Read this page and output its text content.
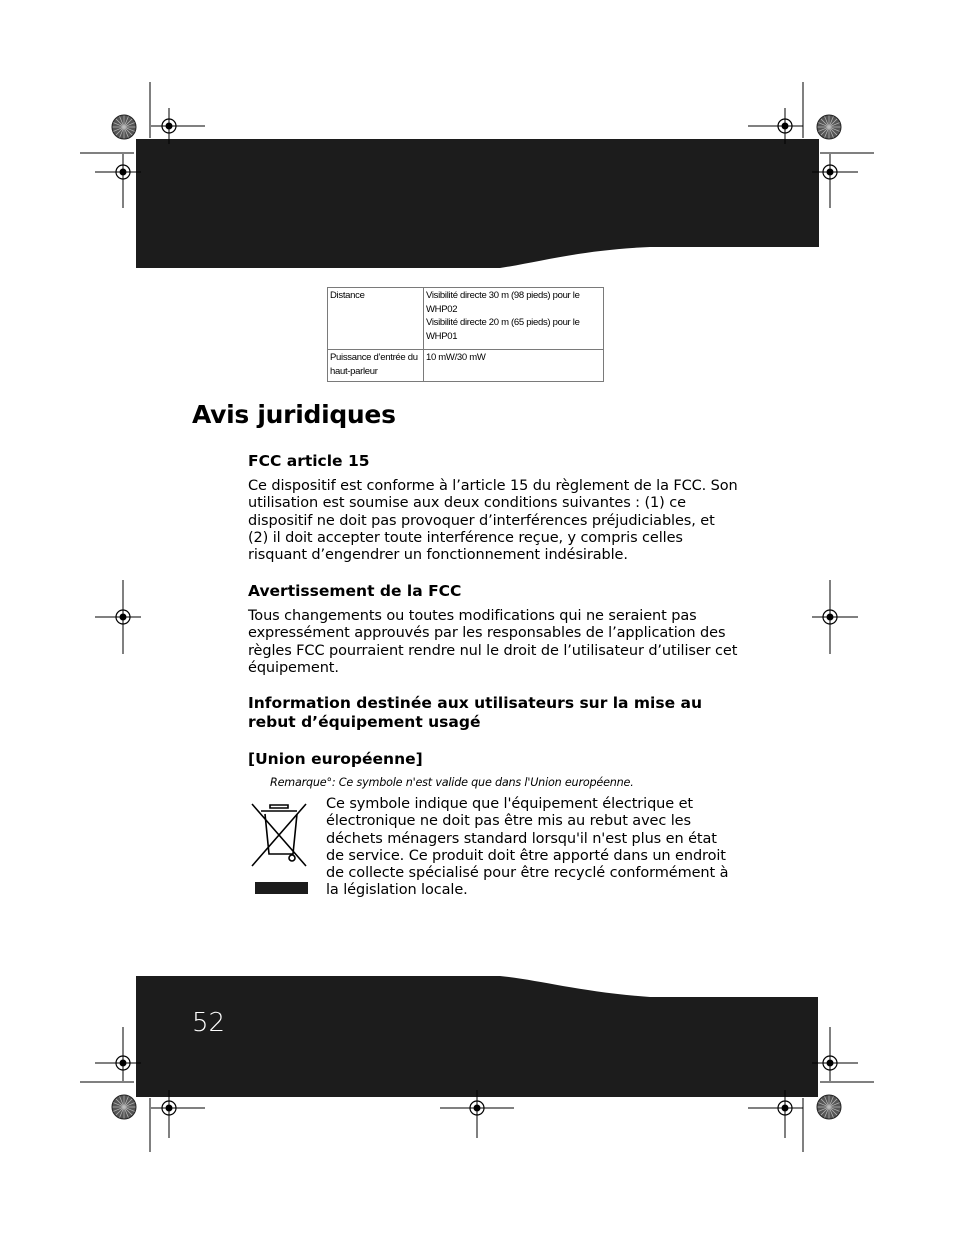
Distance	Visibilité directe 30 m (98 pieds) pour le
WHP02
Visibilité directe 20 m (65 pieds) pour le
WHP01

Puissance d’entrée du
haut-parleur	10 mW/30 mW
Avis juridiques
FCC article 15
Ce dispositif est conforme à l’article 15 du règlement de la FCC. Son utilisation est soumise aux deux conditions suivantes : (1) ce dispositif ne doit pas provoquer d’interférences préjudiciables, et (2) il doit accepter toute interférence reçue, y compris celles risquant d’engendrer un fonctionnement indésirable.
Avertissement de la FCC
Tous changements ou toutes modifications qui ne seraient pas expressément approuvés par les responsables de l’application des règles FCC pourraient rendre nul le droit de l’utilisateur d’utiliser cet équipement.
Information destinée aux utilisateurs sur la mise au rebut d’équipement usagé
[Union européenne]
Remarque°: Ce symbole n'est valide que dans l'Union européenne.
Ce symbole indique que l'équipement électrique et électronique ne doit pas être mis au rebut avec les déchets ménagers standard lorsqu'il n'est plus en état de service. Ce produit doit être apporté dans un endroit de collecte spécialisé pour être recyclé conformément à la législation locale.
52
